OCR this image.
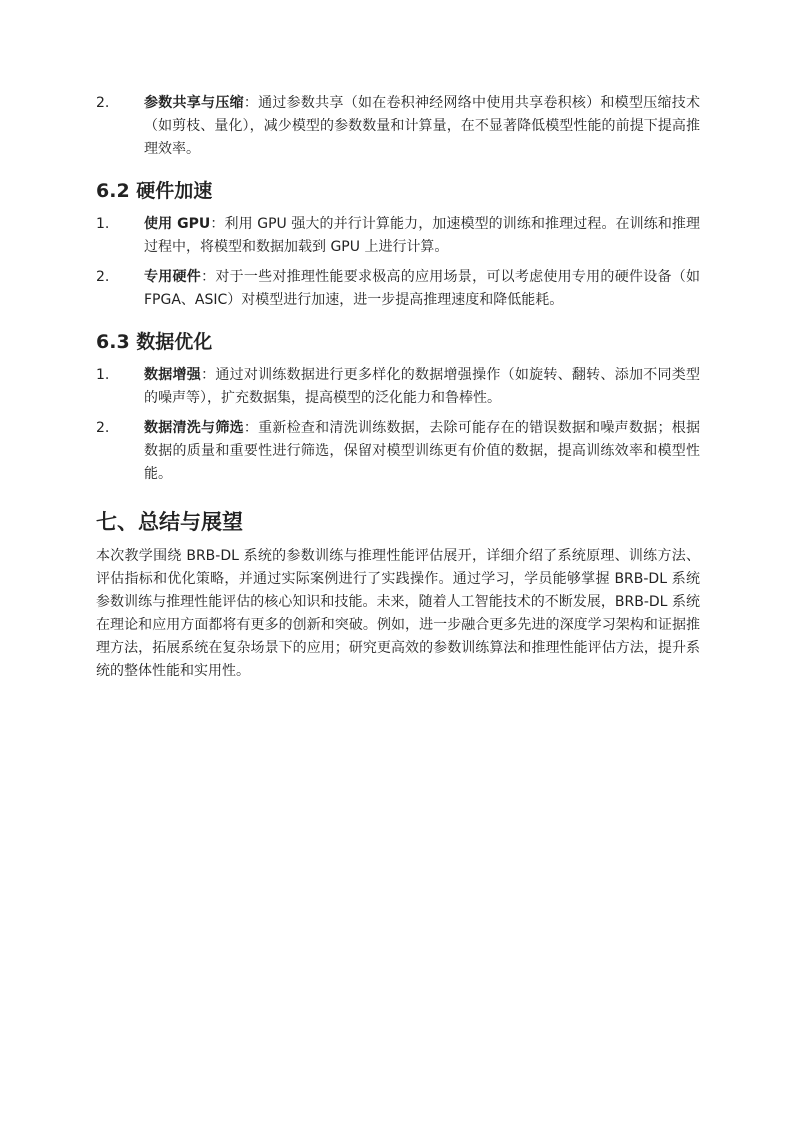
2.	参数共享与压缩：通过参数共享（如在卷积神经网络中使用共享卷积核）和模型压缩技术（如剪枝、量化），减少模型的参数数量和计算量，在不显著降低模型性能的前提下提高推理效率。
6.2 硬件加速
1.	使用 GPU：利用 GPU 强大的并行计算能力，加速模型的训练和推理过程。在训练和推理过程中，将模型和数据加载到 GPU 上进行计算。
2.	专用硬件：对于一些对推理性能要求极高的应用场景，可以考虑使用专用的硬件设备（如 FPGA、ASIC）对模型进行加速，进一步提高推理速度和降低能耗。
6.3 数据优化
1.	数据增强：通过对训练数据进行更多样化的数据增强操作（如旋转、翻转、添加不同类型的噪声等），扩充数据集，提高模型的泛化能力和鲁棒性。
2.	数据清洗与筛选：重新检查和清洗训练数据，去除可能存在的错误数据和噪声数据；根据数据的质量和重要性进行筛选，保留对模型训练更有价值的数据，提高训练效率和模型性能。
七、总结与展望

本次教学围绕 BRB-DL 系统的参数训练与推理性能评估展开，详细介绍了系统原理、训练方法、评估指标和优化策略，并通过实际案例进行了实践操作。通过学习，学员能够掌握 BRB-DL 系统参数训练与推理性能评估的核心知识和技能。未来，随着人工智能技术的不断发展，BRB-DL 系统在理论和应用方面都将有更多的创新和突破。例如，进一步融合更多先进的深度学习架构和证据推理方法，拓展系统在复杂场景下的应用；研究更高效的参数训练算法和推理性能评估方法，提升系统的整体性能和实用性。
